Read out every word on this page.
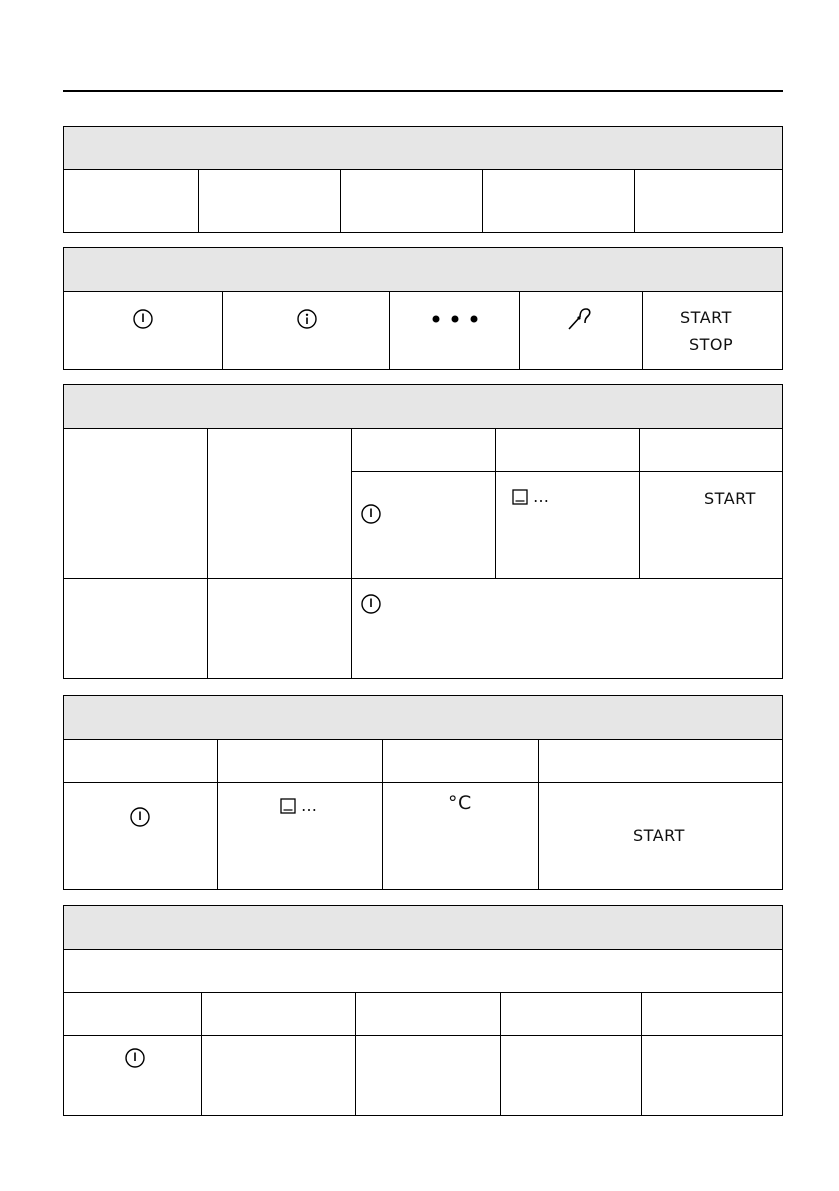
START
STOP
…	START
…	°C
START
